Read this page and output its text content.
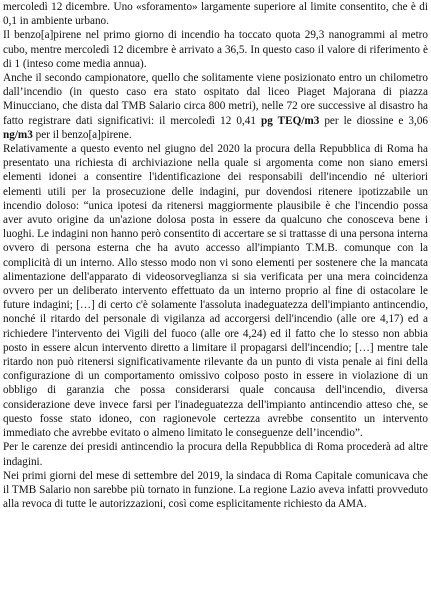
mercoledì 12 dicembre. Uno «sforamento» largamente superiore al limite consentito, che è di 0,1 in ambiente urbano.

Il benzo[a]pirene nel primo giorno di incendio ha toccato quota 29,3 nanogrammi al metro cubo, mentre mercoledì 12 dicembre è arrivato a 36,5. In questo caso il valore di riferimento è di 1 (inteso come media annua).

Anche il secondo campionatore, quello che solitamente viene posizionato entro un chilometro dall’incendio (in questo caso era stato ospitato dal liceo Piaget Majorana di piazza Minucciano, che dista dal TMB Salario circa 800 metri), nelle 72 ore successive al disastro ha fatto registrare dati significativi: il mercoledì 12 0,41 pg TEQ/m3 per le diossine e 3,06 ng/m3 per il benzo[a]pirene.

Relativamente a questo evento nel giugno del 2020 la procura della Repubblica di Roma ha presentato una richiesta di archiviazione nella quale si argomenta come non siano emersi elementi idonei a consentire l'identificazione dei responsabili dell'incendio né ulteriori elementi utili per la prosecuzione delle indagini, pur dovendosi ritenere ipotizzabile un incendio doloso: “unica ipotesi da ritenersi maggiormente plausibile è che l'incendio possa aver avuto origine da un'azione dolosa posta in essere da qualcuno che conosceva bene i luoghi. Le indagini non hanno però consentito di accertare se si trattasse di una persona interna ovvero di persona esterna che ha avuto accesso all'impianto T.M.B. comunque con la complicità di un interno. Allo stesso modo non vi sono elementi per sostenere che la mancata alimentazione dell'apparato di videosorveglianza si sia verificata per una mera coincidenza ovvero per un deliberato intervento effettuato da un interno proprio al fine di ostacolare le future indagini; […] di certo c'è solamente l'assoluta inadeguatezza dell'impianto antincendio, nonché il ritardo del personale di vigilanza ad accorgersi dell'incendio (alle ore 4,17) ed a richiedere l'intervento dei Vigili del fuoco (alle ore 4,24) ed il fatto che lo stesso non abbia posto in essere alcun intervento diretto a limitare il propagarsi dell'incendio; […] mentre tale ritardo non può ritenersi significativamente rilevante da un punto di vista penale ai fini della configurazione di un comportamento omissivo colposo posto in essere in violazione di un obbligo di garanzia che possa considerarsi quale concausa dell'incendio, diversa considerazione deve invece farsi per l'inadeguatezza dell'impianto antincendio atteso che, se questo fosse stato idoneo, con ragionevole certezza avrebbe consentito un intervento immediato che avrebbe evitato o almeno limitato le conseguenze dell’incendio”.

Per le carenze dei presidi antincendio la procura della Repubblica di Roma procederà ad altre indagini.

Nei primi giorni del mese di settembre del 2019, la sindaca di Roma Capitale comunicava che il TMB Salario non sarebbe più tornato in funzione. La regione Lazio aveva infatti provveduto alla revoca di tutte le autorizzazioni, così come esplicitamente richiesto da AMA.
